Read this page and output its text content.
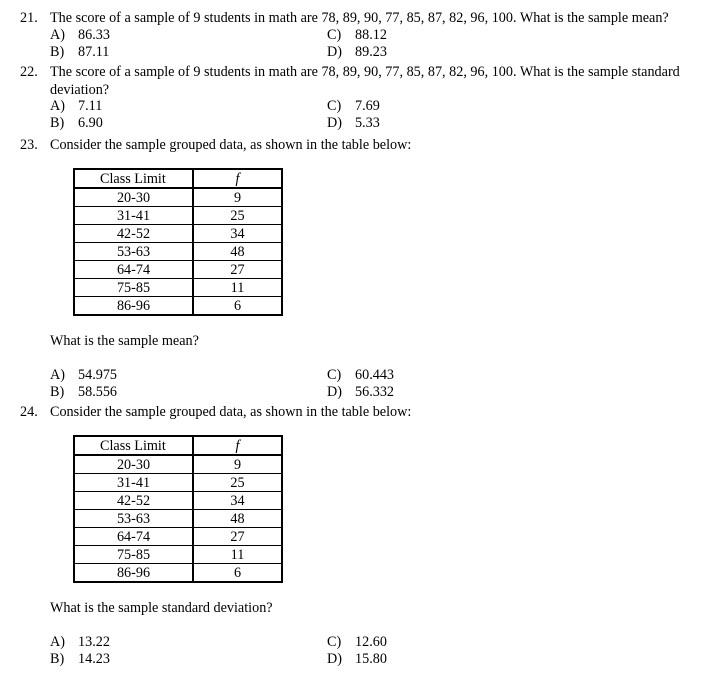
21. The score of a sample of 9 students in math are 78, 89, 90, 77, 85, 87, 82, 96, 100. What is the sample mean?
A) 86.33
B) 87.11
C) 88.12
D) 89.23
22. The score of a sample of 9 students in math are 78, 89, 90, 77, 85, 87, 82, 96, 100. What is the sample standard deviation?
A) 7.11
B) 6.90
C) 7.69
D) 5.33
23. Consider the sample grouped data, as shown in the table below:
Class Limit	f
20-30	9
31-41	25
42-52	34
53-63	48
64-74	27
75-85	11
86-96	6
What is the sample mean?
A) 54.975
B) 58.556
C) 60.443
D) 56.332
24. Consider the sample grouped data, as shown in the table below:
Class Limit	f
20-30	9
31-41	25
42-52	34
53-63	48
64-74	27
75-85	11
86-96	6
What is the sample standard deviation?
A) 13.22
B) 14.23
C) 12.60
D) 15.80
